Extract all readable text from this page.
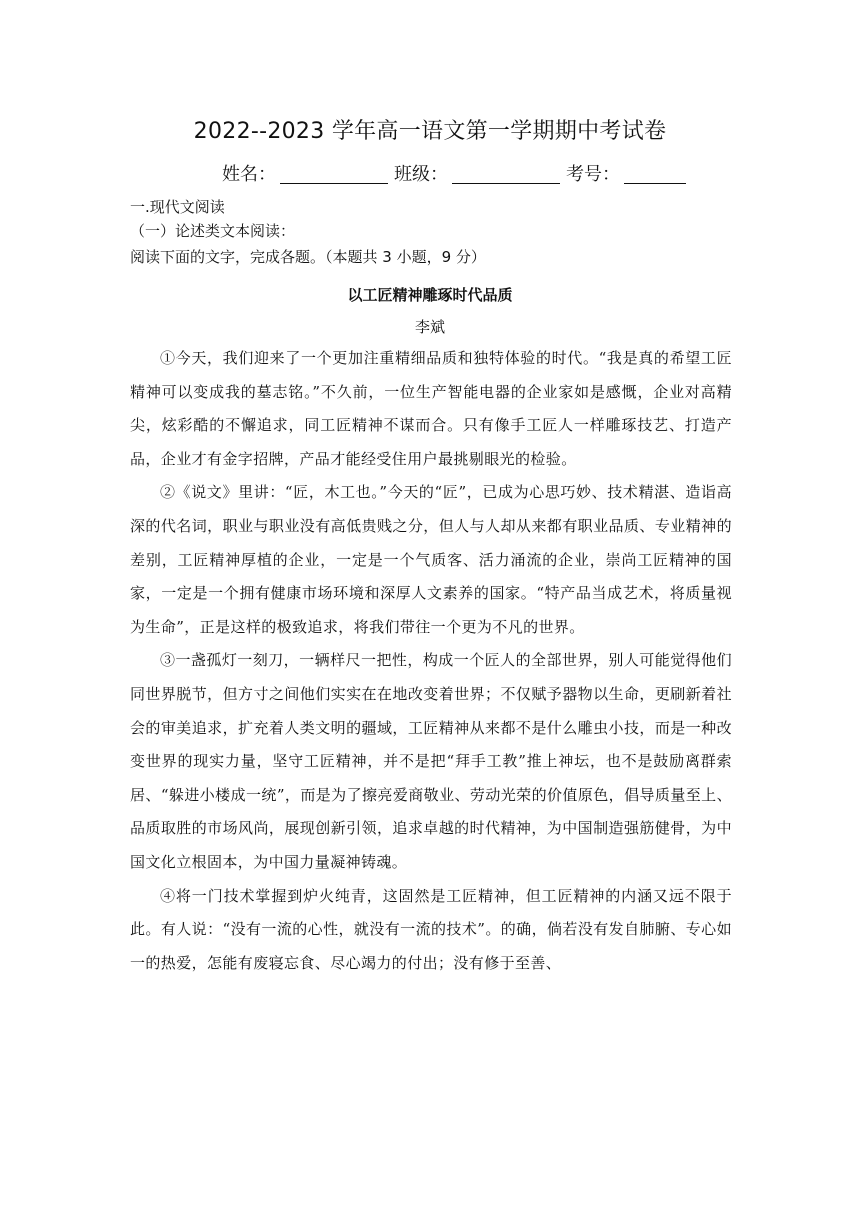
2022--2023 学年高一语文第一学期期中考试卷
姓名：	班级：	考号：
一.现代文阅读
（一）论述类文本阅读：
阅读下面的文字，完成各题。（本题共 3 小题，9 分）
以工匠精神雕琢时代品质
李斌

①今天，我们迎来了一个更加注重精细品质和独特体验的时代。“我是真的希望工匠精神可以变成我的墓志铭。”不久前，一位生产智能电器的企业家如是感慨，企业对高精尖，炫彩酷的不懈追求，同工匠精神不谋而合。只有像手工匠人一样雕琢技艺、打造产品，企业才有金字招牌，产品才能经受住用户最挑剔眼光的检验。

②《说文》里讲：“匠，木工也。”今天的“匠”，已成为心思巧妙、技术精湛、造诣高深的代名词，职业与职业没有高低贵贱之分，但人与人却从来都有职业品质、专业精神的差别，工匠精神厚植的企业，一定是一个气质客、活力涌流的企业，崇尚工匠精神的国家，一定是一个拥有健康市场环境和深厚人文素养的国家。“特产品当成艺术，将质量视为生命”，正是这样的极致追求，将我们带往一个更为不凡的世界。

③一盏孤灯一刻刀，一辆样尺一把性，构成一个匠人的全部世界，别人可能觉得他们同世界脱节，但方寸之间他们实实在在地改变着世界；不仅赋予器物以生命，更刷新着社会的审美追求，扩充着人类文明的疆域，工匠精神从来都不是什么雕虫小技，而是一种改变世界的现实力量，坚守工匠精神，并不是把“拜手工教”推上神坛，也不是鼓励离群索居、“躲进小楼成一统”，而是为了擦亮爱商敬业、劳动光荣的价值原色，倡导质量至上、品质取胜的市场风尚，展现创新引领，追求卓越的时代精神，为中国制造强筋健骨，为中国文化立根固本，为中国力量凝神铸魂。

④将一门技术掌握到炉火纯青，这固然是工匠精神，但工匠精神的内涵又远不限于此。有人说：“没有一流的心性，就没有一流的技术”。的确，倘若没有发自肺腑、专心如一的热爱，怎能有废寝忘食、尽心竭力的付出；没有修于至善、
